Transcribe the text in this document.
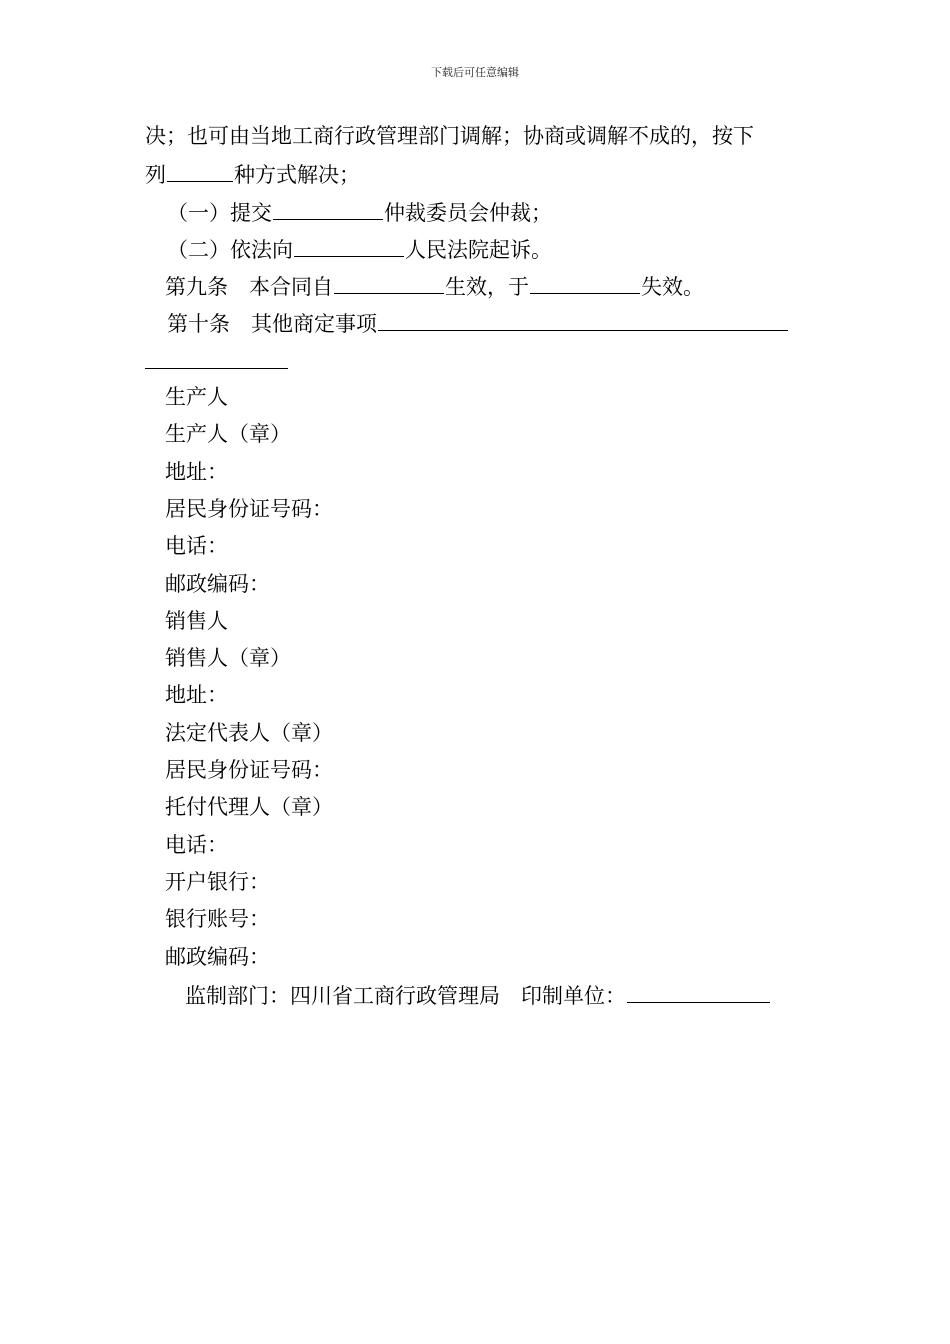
下载后可任意编辑
决；也可由当地工商行政管理部门调解；协商或调解不成的，按下
列	种方式解决；
（一）提交	仲裁委员会仲裁；
（二）依法向	人民法院起诉。
第九条　本合同自	生效，于	失效。
第十条　其他商定事项
生产人
生产人（章）
地址：
居民身份证号码：
电话：
邮政编码：
销售人
销售人（章）
地址：
法定代表人（章）
居民身份证号码：
托付代理人（章）
电话：
开户银行：
银行账号：
邮政编码：
监制部门：四川省工商行政管理局　 印制单位：
